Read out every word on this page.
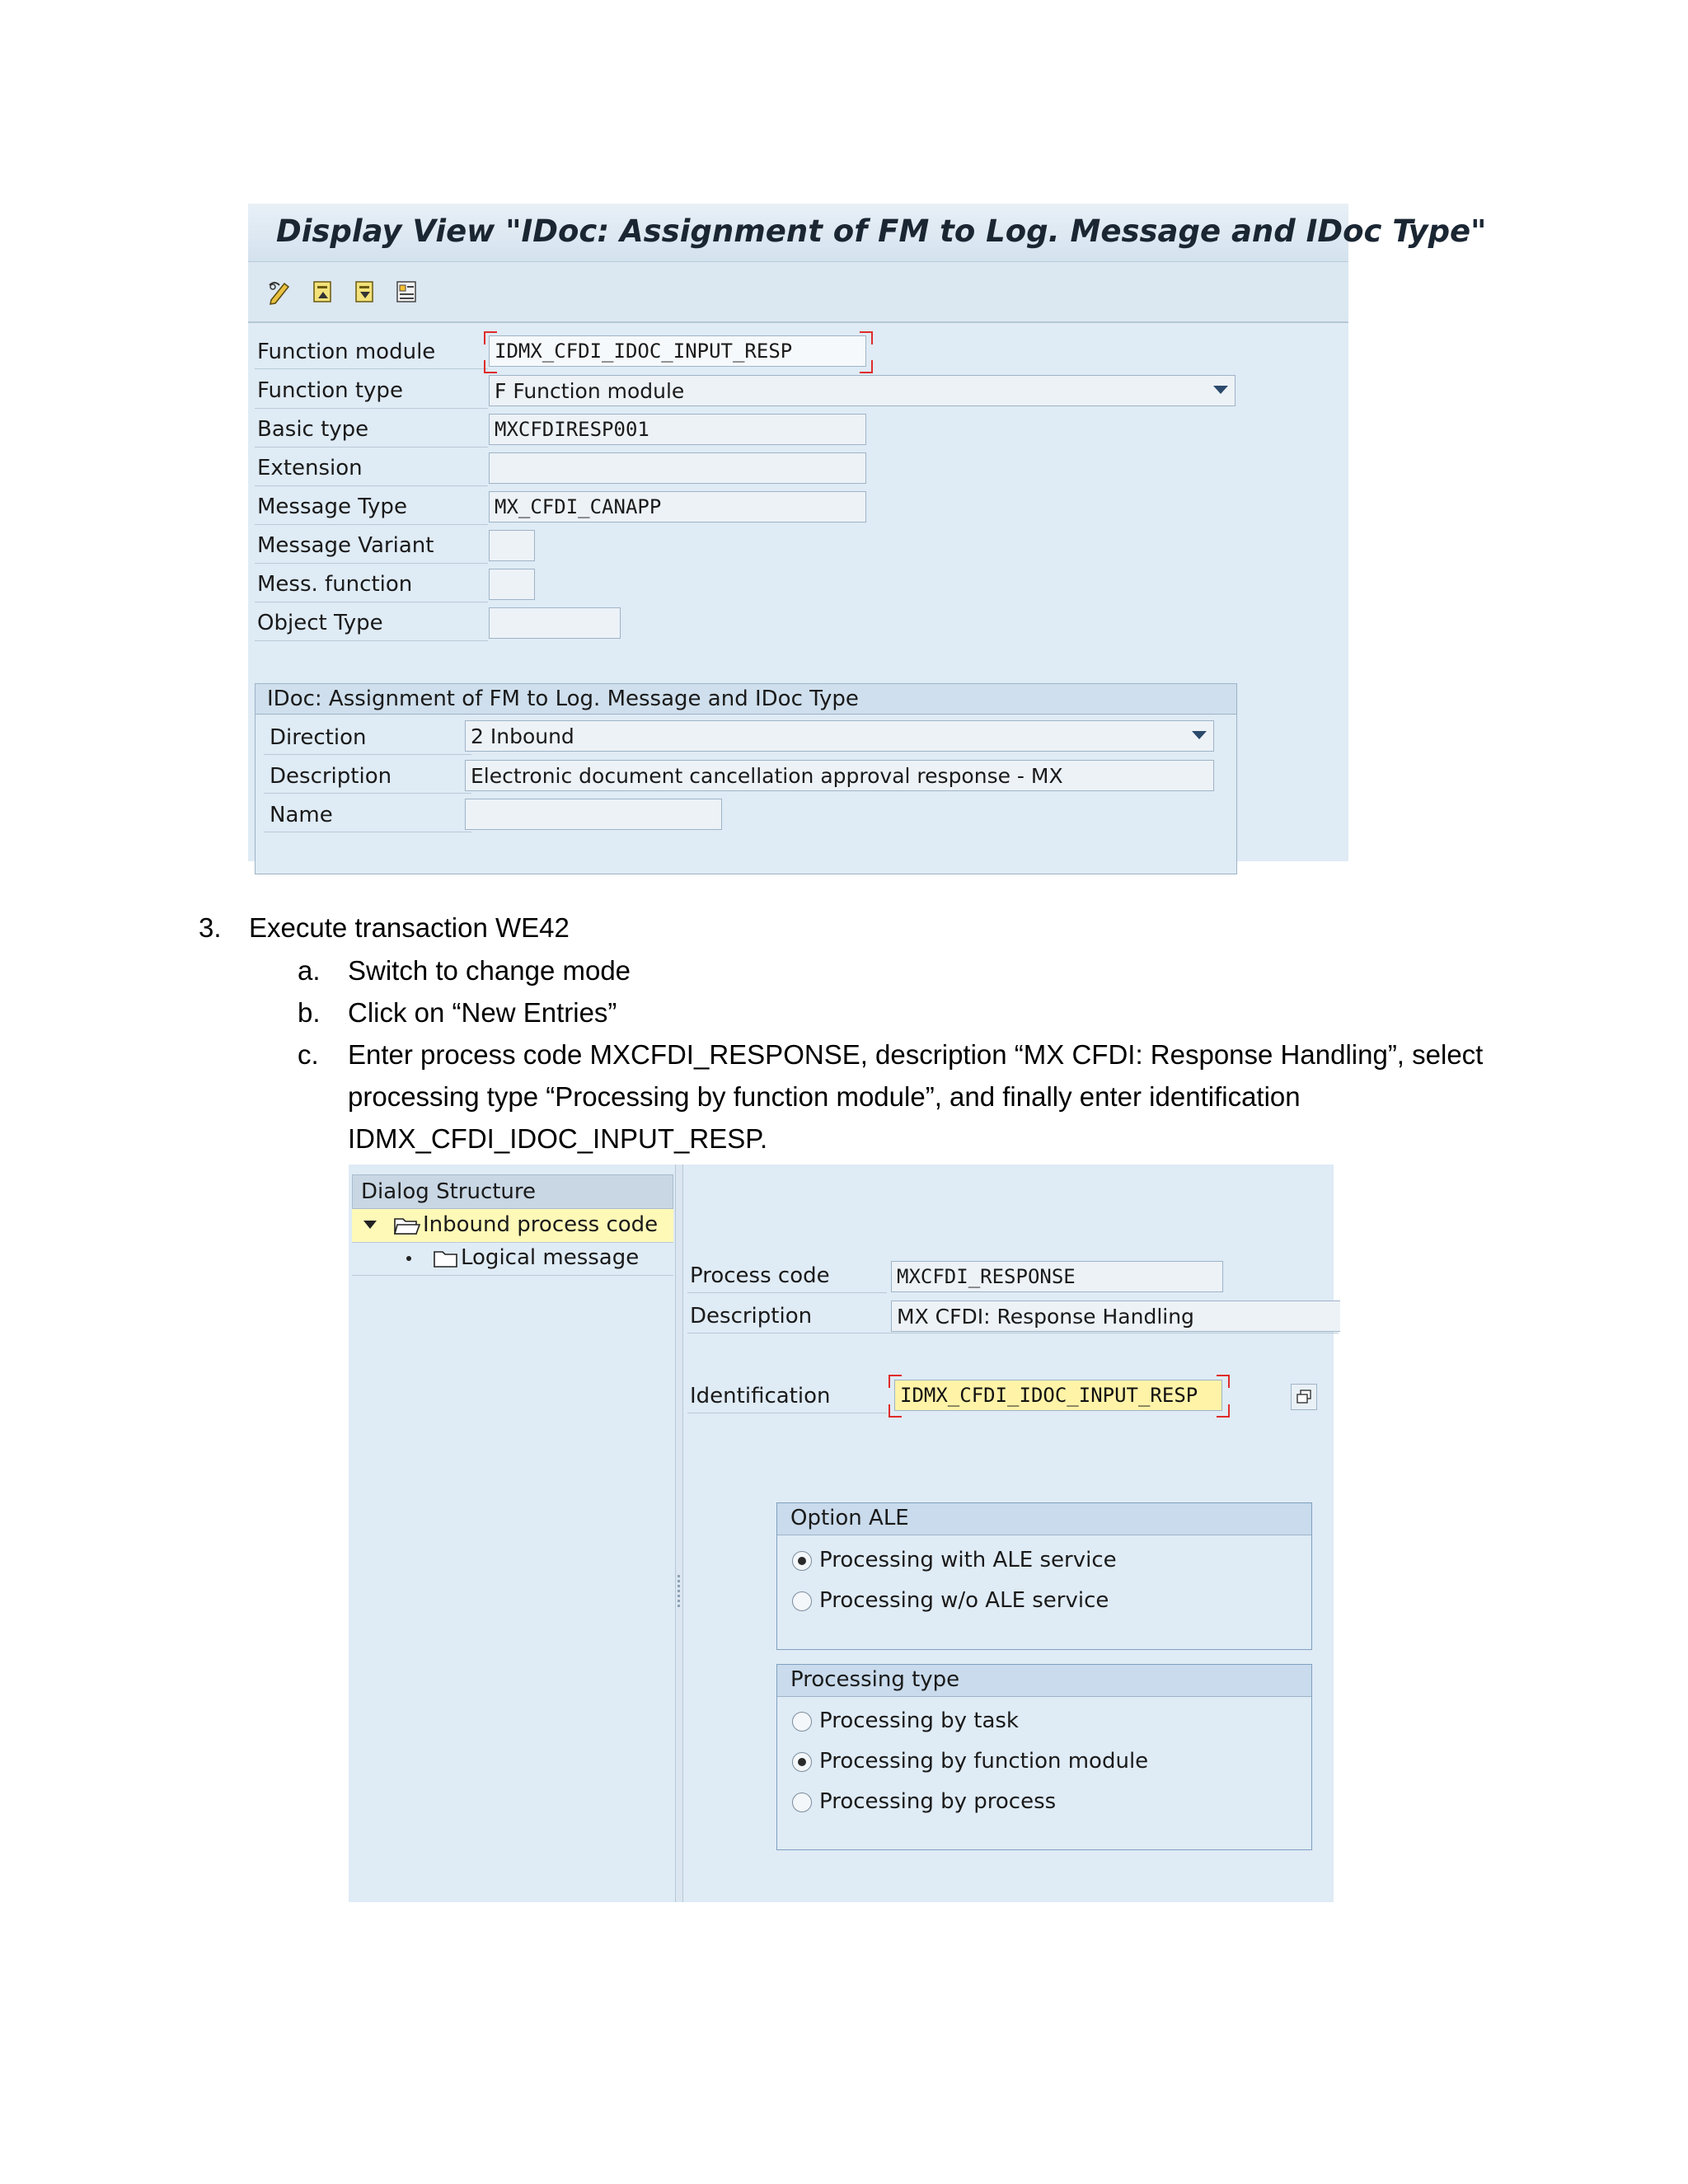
Display View "IDoc: Assignment of FM to Log. Message and IDoc Type"
Function module	IDMX_CFDI_IDOC_INPUT_RESP
Function type	F Function module
Basic type	MXCFDIRESP001
Extension
Message Type	MX_CFDI_CANAPP
Message Variant
Mess. function
Object Type
IDoc: Assignment of FM to Log. Message and IDoc Type
Direction	2 Inbound
Description	Electronic document cancellation approval response - MX
Name
3. Execute transaction WE42
a. Switch to change mode
b. Click on “New Entries”
c. Enter process code MXCFDI_RESPONSE, description “MX CFDI: Response Handling”, select
processing type “Processing by function module”, and finally enter identification
IDMX_CFDI_IDOC_INPUT_RESP.
Dialog Structure
Inbound process code
Logical message
Process code	MXCFDI_RESPONSE
Description	MX CFDI: Response Handling
Identification	IDMX_CFDI_IDOC_INPUT_RESP
Option ALE
Processing with ALE service
Processing w/o ALE service
Processing type
Processing by task
Processing by function module
Processing by process
